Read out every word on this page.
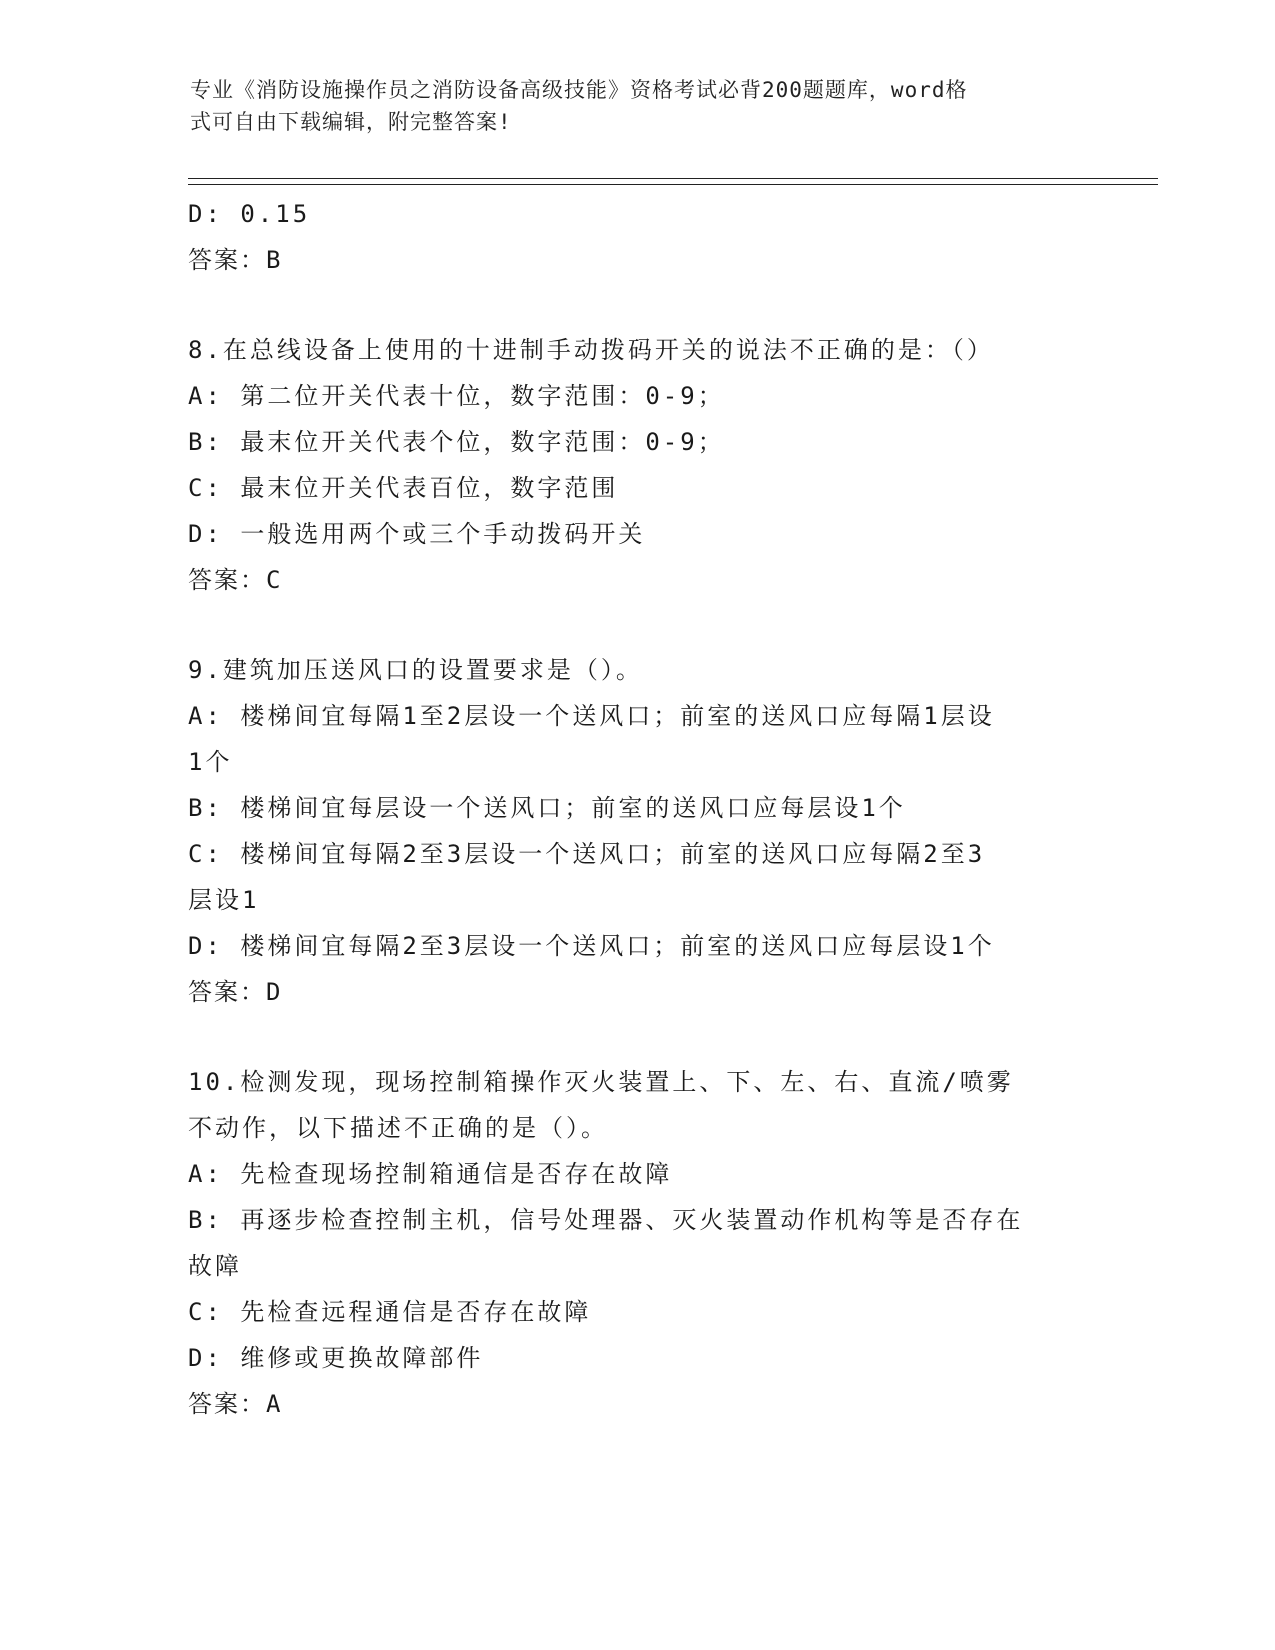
专业《消防设施操作员之消防设备高级技能》资格考试必背200题题库，word格
式可自由下载编辑，附完整答案!
D: 0.15
答案：B
8.在总线设备上使用的十进制手动拨码开关的说法不正确的是：（）
A: 第二位开关代表十位，数字范围：0-9；
B: 最末位开关代表个位，数字范围：0-9；
C: 最末位开关代表百位，数字范围
D: 一般选用两个或三个手动拨码开关
答案：C
9.建筑加压送风口的设置要求是（）。
A: 楼梯间宜每隔1至2层设一个送风口；前室的送风口应每隔1层设
1个
B: 楼梯间宜每层设一个送风口；前室的送风口应每层设1个
C: 楼梯间宜每隔2至3层设一个送风口；前室的送风口应每隔2至3
层设1
D: 楼梯间宜每隔2至3层设一个送风口；前室的送风口应每层设1个
答案：D
10.检测发现，现场控制箱操作灭火装置上、下、左、右、直流/喷雾
不动作，以下描述不正确的是（）。
A: 先检查现场控制箱通信是否存在故障
B: 再逐步检查控制主机，信号处理器、灭火装置动作机构等是否存在
故障
C: 先检查远程通信是否存在故障
D: 维修或更换故障部件
答案：A
